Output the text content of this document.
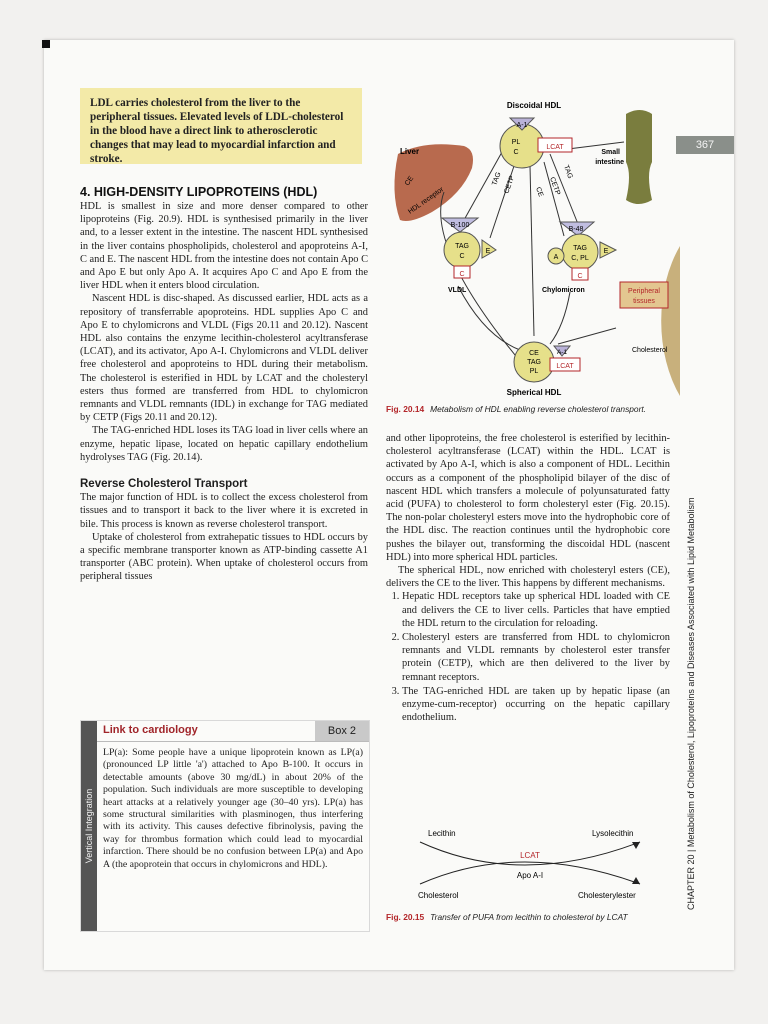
LDL carries cholesterol from the liver to the peripheral tissues. Elevated levels of LDL-cholesterol in the blood have a direct link to atherosclerotic changes that may lead to myocardial infarction and stroke.

367
4. HIGH-DENSITY LIPOPROTEINS (HDL)

HDL is smallest in size and more denser compared to other lipoproteins (Fig. 20.9). HDL is synthesised primarily in the liver and, to a lesser extent in the intestine. The nascent HDL synthesised in the liver contains phospholipids, cholesterol and apoproteins A-I, C and E. The nascent HDL from the intestine does not contain Apo C and Apo E but only Apo A. It acquires Apo C and Apo E from the liver HDL when it enters blood circulation.

Nascent HDL is disc-shaped. As discussed earlier, HDL acts as a repository of transferrable apoproteins. HDL supplies Apo C and Apo E to chylomicrons and VLDL (Figs 20.11 and 20.12). Nascent HDL also contains the enzyme lecithin-cholesterol acyltransferase (LCAT), and its activator, Apo A-I. Chylomicrons and VLDL deliver free cholesterol and apoproteins to HDL during their metabolism. The cholesterol is esterified in HDL by LCAT and the cholesteryl esters thus formed are transferred from HDL to chylomicron remnants and VLDL remnants (IDL) in exchange for TAG mediated by CETP (Figs 20.11 and 20.12).

The TAG-enriched HDL loses its TAG load in liver cells where an enzyme, hepatic lipase, located on hepatic capillary endothelium hydrolyses TAG (Fig. 20.14).

Reverse Cholesterol Transport

The major function of HDL is to collect the excess cholesterol from tissues and to transport it back to the liver where it is excreted in bile. This process is known as reverse cholesterol transport.

Uptake of cholesterol from extrahepatic tissues to HDL occurs by a specific membrane transporter known as ATP-binding cassette A1 transporter (ABC protein). When uptake of cholesterol occurs from peripheral tissues

Vertical Integration
Link to cardiology	Box 2
LP(a): Some people have a unique lipoprotein known as LP(a) (pronounced LP little 'a') attached to Apo B-100. It occurs in detectable amounts (above 30 mg/dL) in about 20% of the population. Such individuals are more susceptible to developing heart attacks at a relatively younger age (30–40 yrs). LP(a) has some structural similarities with plasminogen, thus interfering with its activity. This causes defective fibrinolysis, paving the way for thrombus formation which could lead to myocardial infarction. There should be no confusion between LP(a) and Apo A (the apoprotein that occurs in chylomicrons and HDL).
Discoidal HDL
A-1
PL
C
LCAT
Liver
CE
HDL receptor
Small
intestine
TAG CETP	CE CETP
TAG
B-100
TAG
C
E
C
VLDL
B-48
TAG
C, PL
A
E
C
Chylomicron	Peripheral
tissues
Cholesterol
CE
TAG
PL
A-1
LCAT
Spherical HDL
Fig. 20.14 Metabolism of HDL enabling reverse cholesterol transport.

and other lipoproteins, the free cholesterol is esterified by lecithin-cholesterol acyltransferase (LCAT) within the HDL. LCAT is activated by Apo A-I, which is also a component of HDL. Lecithin occurs as a component of the phospholipid bilayer of the disc of nascent HDL which transfers a molecule of polyunsaturated fatty acid (PUFA) to cholesterol to form cholesteryl ester (Fig. 20.15). The non-polar cholesteryl esters move into the hydrophobic core of the HDL disc. The reaction continues until the hydrophobic core pushes the bilayer out, transforming the discoidal HDL (nascent HDL) into more spherical HDL particles.

The spherical HDL, now enriched with cholesteryl esters (CE), delivers the CE to the liver. This happens by different mechanisms.

1. Hepatic HDL receptors take up spherical HDL loaded with CE and delivers the CE to liver cells. Particles that have emptied the HDL return to the circulation for reloading.
2. Cholesteryl esters are transferred from HDL to chylomicron remnants and VLDL remnants by cholesterol ester transfer protein (CETP), which are then delivered to the liver by remnant receptors.
3. The TAG-enriched HDL are taken up by hepatic lipase (an enzyme-cum-receptor) occurring on the hepatic capillary endothelium.
Lecithin	Lysolecithin
LCAT
Apo A-I
Cholesterol	Cholesterylester
Fig. 20.15 Transfer of PUFA from lecithin to cholesterol by LCAT
